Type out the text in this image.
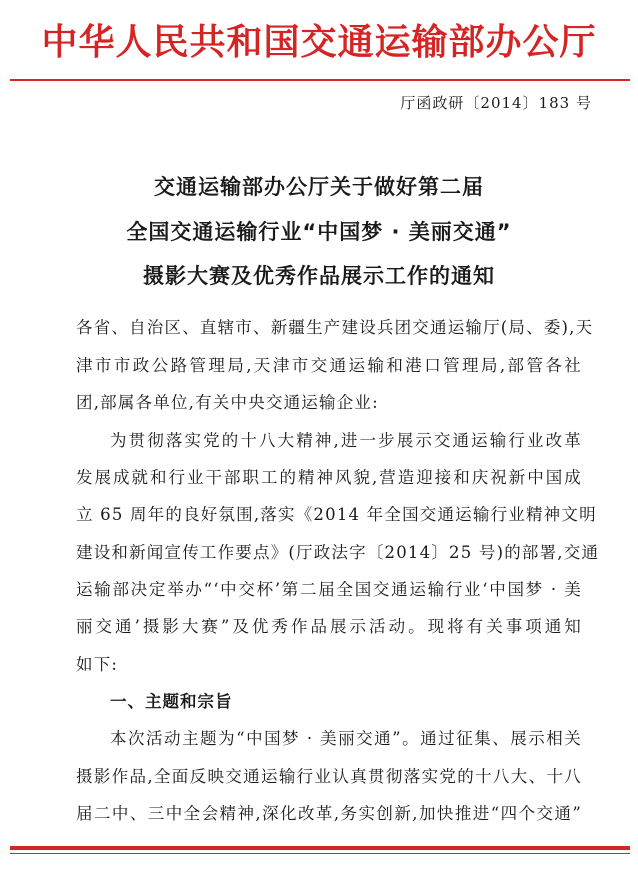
中华人民共和国交通运输部办公厅
厅函政研〔2014〕183 号
交通运输部办公厅关于做好第二届
全国交通运输行业“中国梦 · 美丽交通”
摄影大赛及优秀作品展示工作的通知
各省、自治区、直辖市、新疆生产建设兵团交通运输厅(局、委),天
津市市政公路管理局,天津市交通运输和港口管理局,部管各社
团,部属各单位,有关中央交通运输企业:
为贯彻落实党的十八大精神,进一步展示交通运输行业改革
发展成就和行业干部职工的精神风貌,营造迎接和庆祝新中国成
立 65 周年的良好氛围,落实《2014 年全国交通运输行业精神文明
建设和新闻宣传工作要点》(厅政法字〔2014〕25 号)的部署,交通
运输部决定举办“‘中交杯’第二届全国交通运输行业‘中国梦 · 美
丽交通’摄影大赛”及优秀作品展示活动。现将有关事项通知
如下:
一、主题和宗旨
本次活动主题为“中国梦 · 美丽交通”。通过征集、展示相关
摄影作品,全面反映交通运输行业认真贯彻落实党的十八大、十八
届二中、三中全会精神,深化改革,务实创新,加快推进“四个交通”
